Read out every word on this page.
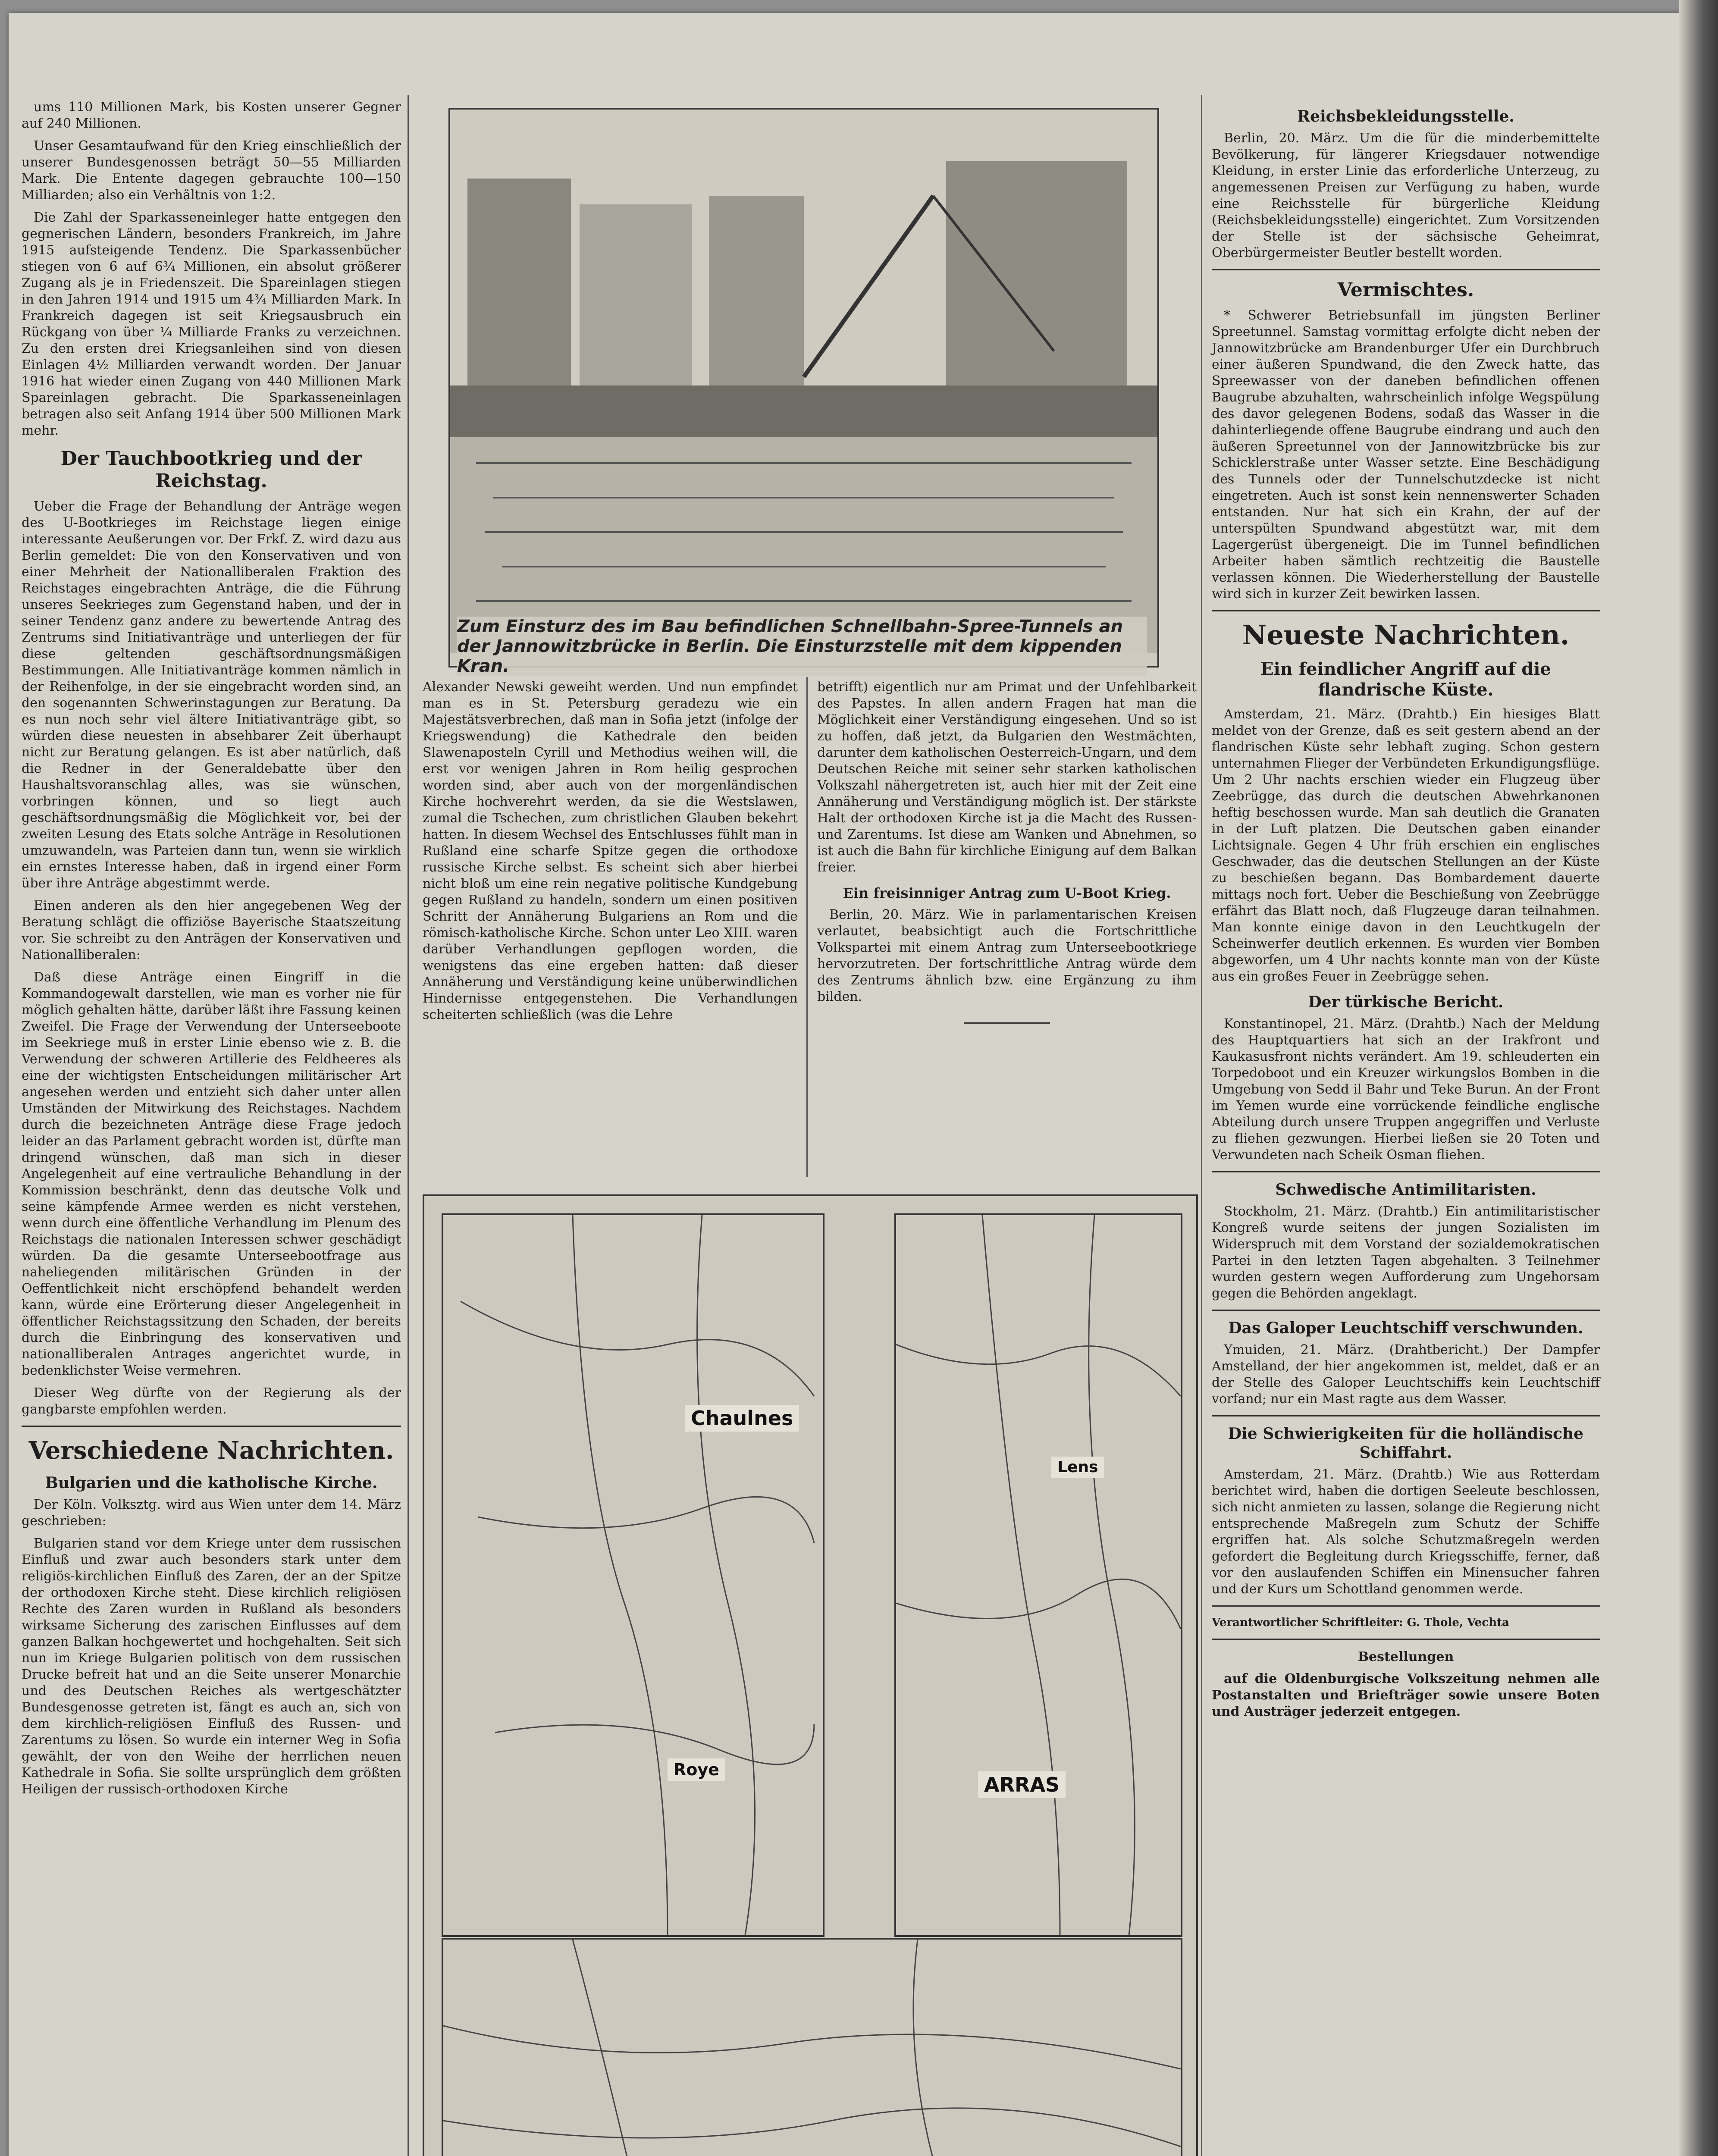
ums 110 Millionen Mark, bis Kosten unserer Gegner auf 240 Millionen.

Unser Gesamtaufwand für den Krieg einschließlich der unserer Bundesgenossen beträgt 50—55 Milliarden Mark. Die Entente dagegen gebrauchte 100—150 Milliarden; also ein Verhältnis von 1:2.

Die Zahl der Sparkasseneinleger hatte entgegen den gegnerischen Ländern, besonders Frankreich, im Jahre 1915 aufsteigende Tendenz. Die Sparkassenbücher stiegen von 6 auf 6¾ Millionen, ein absolut größerer Zugang als je in Friedenszeit. Die Spareinlagen stiegen in den Jahren 1914 und 1915 um 4¾ Milliarden Mark. In Frankreich dagegen ist seit Kriegsausbruch ein Rückgang von über ¼ Milliarde Franks zu verzeichnen. Zu den ersten drei Kriegsanleihen sind von diesen Einlagen 4½ Milliarden verwandt worden. Der Januar 1916 hat wieder einen Zugang von 440 Millionen Mark Spareinlagen gebracht. Die Sparkasseneinlagen betragen also seit Anfang 1914 über 500 Millionen Mark mehr.

Der Tauchbootkrieg und der Reichstag.

Ueber die Frage der Behandlung der Anträge wegen des U-Bootkrieges im Reichstage liegen einige interessante Aeußerungen vor. Der Frkf. Z. wird dazu aus Berlin gemeldet: Die von den Konservativen und von einer Mehrheit der Nationalliberalen Fraktion des Reichstages eingebrachten Anträge, die die Führung unseres Seekrieges zum Gegenstand haben, und der in seiner Tendenz ganz andere zu bewertende Antrag des Zentrums sind Initiativanträge und unterliegen der für diese geltenden geschäftsordnungsmäßigen Bestimmungen. Alle Initiativanträge kommen nämlich in der Reihenfolge, in der sie eingebracht worden sind, an den sogenannten Schwerinstagungen zur Beratung. Da es nun noch sehr viel ältere Initiativanträge gibt, so würden diese neuesten in absehbarer Zeit überhaupt nicht zur Beratung gelangen. Es ist aber natürlich, daß die Redner in der Generaldebatte über den Haushaltsvoranschlag alles, was sie wünschen, vorbringen können, und so liegt auch geschäftsordnungsmäßig die Möglichkeit vor, bei der zweiten Lesung des Etats solche Anträge in Resolutionen umzuwandeln, was Parteien dann tun, wenn sie wirklich ein ernstes Interesse haben, daß in irgend einer Form über ihre Anträge abgestimmt werde.

Einen anderen als den hier angegebenen Weg der Beratung schlägt die offiziöse Bayerische Staatszeitung vor. Sie schreibt zu den Anträgen der Konservativen und Nationalliberalen:

Daß diese Anträge einen Eingriff in die Kommandogewalt darstellen, wie man es vorher nie für möglich gehalten hätte, darüber läßt ihre Fassung keinen Zweifel. Die Frage der Verwendung der Unterseeboote im Seekriege muß in erster Linie ebenso wie z. B. die Verwendung der schweren Artillerie des Feldheeres als eine der wichtigsten Entscheidungen militärischer Art angesehen werden und entzieht sich daher unter allen Umständen der Mitwirkung des Reichstages. Nachdem durch die bezeichneten Anträge diese Frage jedoch leider an das Parlament gebracht worden ist, dürfte man dringend wünschen, daß man sich in dieser Angelegenheit auf eine vertrauliche Behandlung in der Kommission beschränkt, denn das deutsche Volk und seine kämpfende Armee werden es nicht verstehen, wenn durch eine öffentliche Verhandlung im Plenum des Reichstags die nationalen Interessen schwer geschädigt würden. Da die gesamte Unterseebootfrage aus naheliegenden militärischen Gründen in der Oeffentlichkeit nicht erschöpfend behandelt werden kann, würde eine Erörterung dieser Angelegenheit in öffentlicher Reichstagssitzung den Schaden, der bereits durch die Einbringung des konservativen und nationalliberalen Antrages angerichtet wurde, in bedenklichster Weise vermehren.

Dieser Weg dürfte von der Regierung als der gangbarste empfohlen werden.

Verschiedene Nachrichten.
Bulgarien und die katholische Kirche.

Der Köln. Volksztg. wird aus Wien unter dem 14. März geschrieben:

Bulgarien stand vor dem Kriege unter dem russischen Einfluß und zwar auch besonders stark unter dem religiös-kirchlichen Einfluß des Zaren, der an der Spitze der orthodoxen Kirche steht. Diese kirchlich religiösen Rechte des Zaren wurden in Rußland als besonders wirksame Sicherung des zarischen Einflusses auf dem ganzen Balkan hochgewertet und hochgehalten. Seit sich nun im Kriege Bulgarien politisch von dem russischen Drucke befreit hat und an die Seite unserer Monarchie und des Deutschen Reiches als wertgeschätzter Bundesgenosse getreten ist, fängt es auch an, sich von dem kirchlich-religiösen Einfluß des Russen- und Zarentums zu lösen. So wurde ein interner Weg in Sofia gewählt, der von den Weihe der herrlichen neuen Kathedrale in Sofia. Sie sollte ursprünglich dem größten Heiligen der russisch-orthodoxen Kirche

Zum Einsturz des im Bau befindlichen Schnellbahn-Spree-Tunnels an der Jannowitzbrücke in Berlin. Die Einsturzstelle mit dem kippenden Kran.

Alexander Newski geweiht werden. Und nun empfindet man es in St. Petersburg geradezu wie ein Majestätsverbrechen, daß man in Sofia jetzt (infolge der Kriegswendung) die Kathedrale den beiden Slawenaposteln Cyrill und Methodius weihen will, die erst vor wenigen Jahren in Rom heilig gesprochen worden sind, aber auch von der morgenländischen Kirche hochverehrt werden, da sie die Westslawen, zumal die Tschechen, zum christlichen Glauben bekehrt hatten. In diesem Wechsel des Entschlusses fühlt man in Rußland eine scharfe Spitze gegen die orthodoxe russische Kirche selbst. Es scheint sich aber hierbei nicht bloß um eine rein negative politische Kundgebung gegen Rußland zu handeln, sondern um einen positiven Schritt der Annäherung Bulgariens an Rom und die römisch-katholische Kirche. Schon unter Leo XIII. waren darüber Verhandlungen gepflogen worden, die wenigstens das eine ergeben hatten: daß dieser Annäherung und Verständigung keine unüberwindlichen Hindernisse entgegenstehen. Die Verhandlungen scheiterten schließlich (was die Lehre

betrifft) eigentlich nur am Primat und der Unfehlbarkeit des Papstes. In allen andern Fragen hat man die Möglichkeit einer Verständigung eingesehen. Und so ist zu hoffen, daß jetzt, da Bulgarien den Westmächten, darunter dem katholischen Oesterreich-Ungarn, und dem Deutschen Reiche mit seiner sehr starken katholischen Volkszahl nähergetreten ist, auch hier mit der Zeit eine Annäherung und Verständigung möglich ist. Der stärkste Halt der orthodoxen Kirche ist ja die Macht des Russen- und Zarentums. Ist diese am Wanken und Abnehmen, so ist auch die Bahn für kirchliche Einigung auf dem Balkan freier.

Ein freisinniger Antrag zum U-Boot Krieg.

Berlin, 20. März. Wie in parlamentarischen Kreisen verlautet, beabsichtigt auch die Fortschrittliche Volkspartei mit einem Antrag zum Unterseebootkriege hervorzutreten. Der fortschrittliche Antrag würde dem des Zentrums ähnlich bzw. eine Ergänzung zu ihm bilden.

Chaulnes
Roye
ARRAS
Lens
Reichsbekleidungsstelle.

Berlin, 20. März. Um die für die minderbemittelte Bevölkerung, für längerer Kriegsdauer notwendige Kleidung, in erster Linie das erforderliche Unterzeug, zu angemessenen Preisen zur Verfügung zu haben, wurde eine Reichsstelle für bürgerliche Kleidung (Reichsbekleidungsstelle) eingerichtet. Zum Vorsitzenden der Stelle ist der sächsische Geheimrat, Oberbürgermeister Beutler bestellt worden.

Vermischtes.

* Schwerer Betriebsunfall im jüngsten Berliner Spreetunnel. Samstag vormittag erfolgte dicht neben der Jannowitzbrücke am Brandenburger Ufer ein Durchbruch einer äußeren Spundwand, die den Zweck hatte, das Spreewasser von der daneben befindlichen offenen Baugrube abzuhalten, wahrscheinlich infolge Wegspülung des davor gelegenen Bodens, sodaß das Wasser in die dahinterliegende offene Baugrube eindrang und auch den äußeren Spreetunnel von der Jannowitzbrücke bis zur Schicklerstraße unter Wasser setzte. Eine Beschädigung des Tunnels oder der Tunnelschutzdecke ist nicht eingetreten. Auch ist sonst kein nennenswerter Schaden entstanden. Nur hat sich ein Krahn, der auf der unterspülten Spundwand abgestützt war, mit dem Lagergerüst übergeneigt. Die im Tunnel befindlichen Arbeiter haben sämtlich rechtzeitig die Baustelle verlassen können. Die Wiederherstellung der Baustelle wird sich in kurzer Zeit bewirken lassen.

Neueste Nachrichten.
Ein feindlicher Angriff auf die flandrische Küste.

Amsterdam, 21. März. (Drahtb.) Ein hiesiges Blatt meldet von der Grenze, daß es seit gestern abend an der flandrischen Küste sehr lebhaft zuging. Schon gestern unternahmen Flieger der Verbündeten Erkundigungsflüge. Um 2 Uhr nachts erschien wieder ein Flugzeug über Zeebrügge, das durch die deutschen Abwehrkanonen heftig beschossen wurde. Man sah deutlich die Granaten in der Luft platzen. Die Deutschen gaben einander Lichtsignale. Gegen 4 Uhr früh erschien ein englisches Geschwader, das die deutschen Stellungen an der Küste zu beschießen begann. Das Bombardement dauerte mittags noch fort. Ueber die Beschießung von Zeebrügge erfährt das Blatt noch, daß Flugzeuge daran teilnahmen. Man konnte einige davon in den Leuchtkugeln der Scheinwerfer deutlich erkennen. Es wurden vier Bomben abgeworfen, um 4 Uhr nachts konnte man von der Küste aus ein großes Feuer in Zeebrügge sehen.

Der türkische Bericht.

Konstantinopel, 21. März. (Drahtb.) Nach der Meldung des Hauptquartiers hat sich an der Irakfront und Kaukasusfront nichts verändert. Am 19. schleuderten ein Torpedoboot und ein Kreuzer wirkungslos Bomben in die Umgebung von Sedd il Bahr und Teke Burun. An der Front im Yemen wurde eine vorrückende feindliche englische Abteilung durch unsere Truppen angegriffen und Verluste zu fliehen gezwungen. Hierbei ließen sie 20 Toten und Verwundeten nach Scheik Osman fliehen.

Schwedische Antimilitaristen.

Stockholm, 21. März. (Drahtb.) Ein antimilitaristischer Kongreß wurde seitens der jungen Sozialisten im Widerspruch mit dem Vorstand der sozialdemokratischen Partei in den letzten Tagen abgehalten. 3 Teilnehmer wurden gestern wegen Aufforderung zum Ungehorsam gegen die Behörden angeklagt.

Das Galoper Leuchtschiff verschwunden.

Ymuiden, 21. März. (Drahtbericht.) Der Dampfer Amstelland, der hier angekommen ist, meldet, daß er an der Stelle des Galoper Leuchtschiffs kein Leuchtschiff vorfand; nur ein Mast ragte aus dem Wasser.

Die Schwierigkeiten für die holländische Schiffahrt.

Amsterdam, 21. März. (Drahtb.) Wie aus Rotterdam berichtet wird, haben die dortigen Seeleute beschlossen, sich nicht anmieten zu lassen, solange die Regierung nicht entsprechende Maßregeln zum Schutz der Schiffe ergriffen hat. Als solche Schutzmaßregeln werden gefordert die Begleitung durch Kriegsschiffe, ferner, daß vor den auslaufenden Schiffen ein Minensucher fahren und der Kurs um Schottland genommen werde.

Verantwortlicher Schriftleiter: G. Thole, Vechta

Bestellungen

auf die Oldenburgische Volkszeitung nehmen alle Postanstalten und Briefträger sowie unsere Boten und Austräger jederzeit entgegen.
